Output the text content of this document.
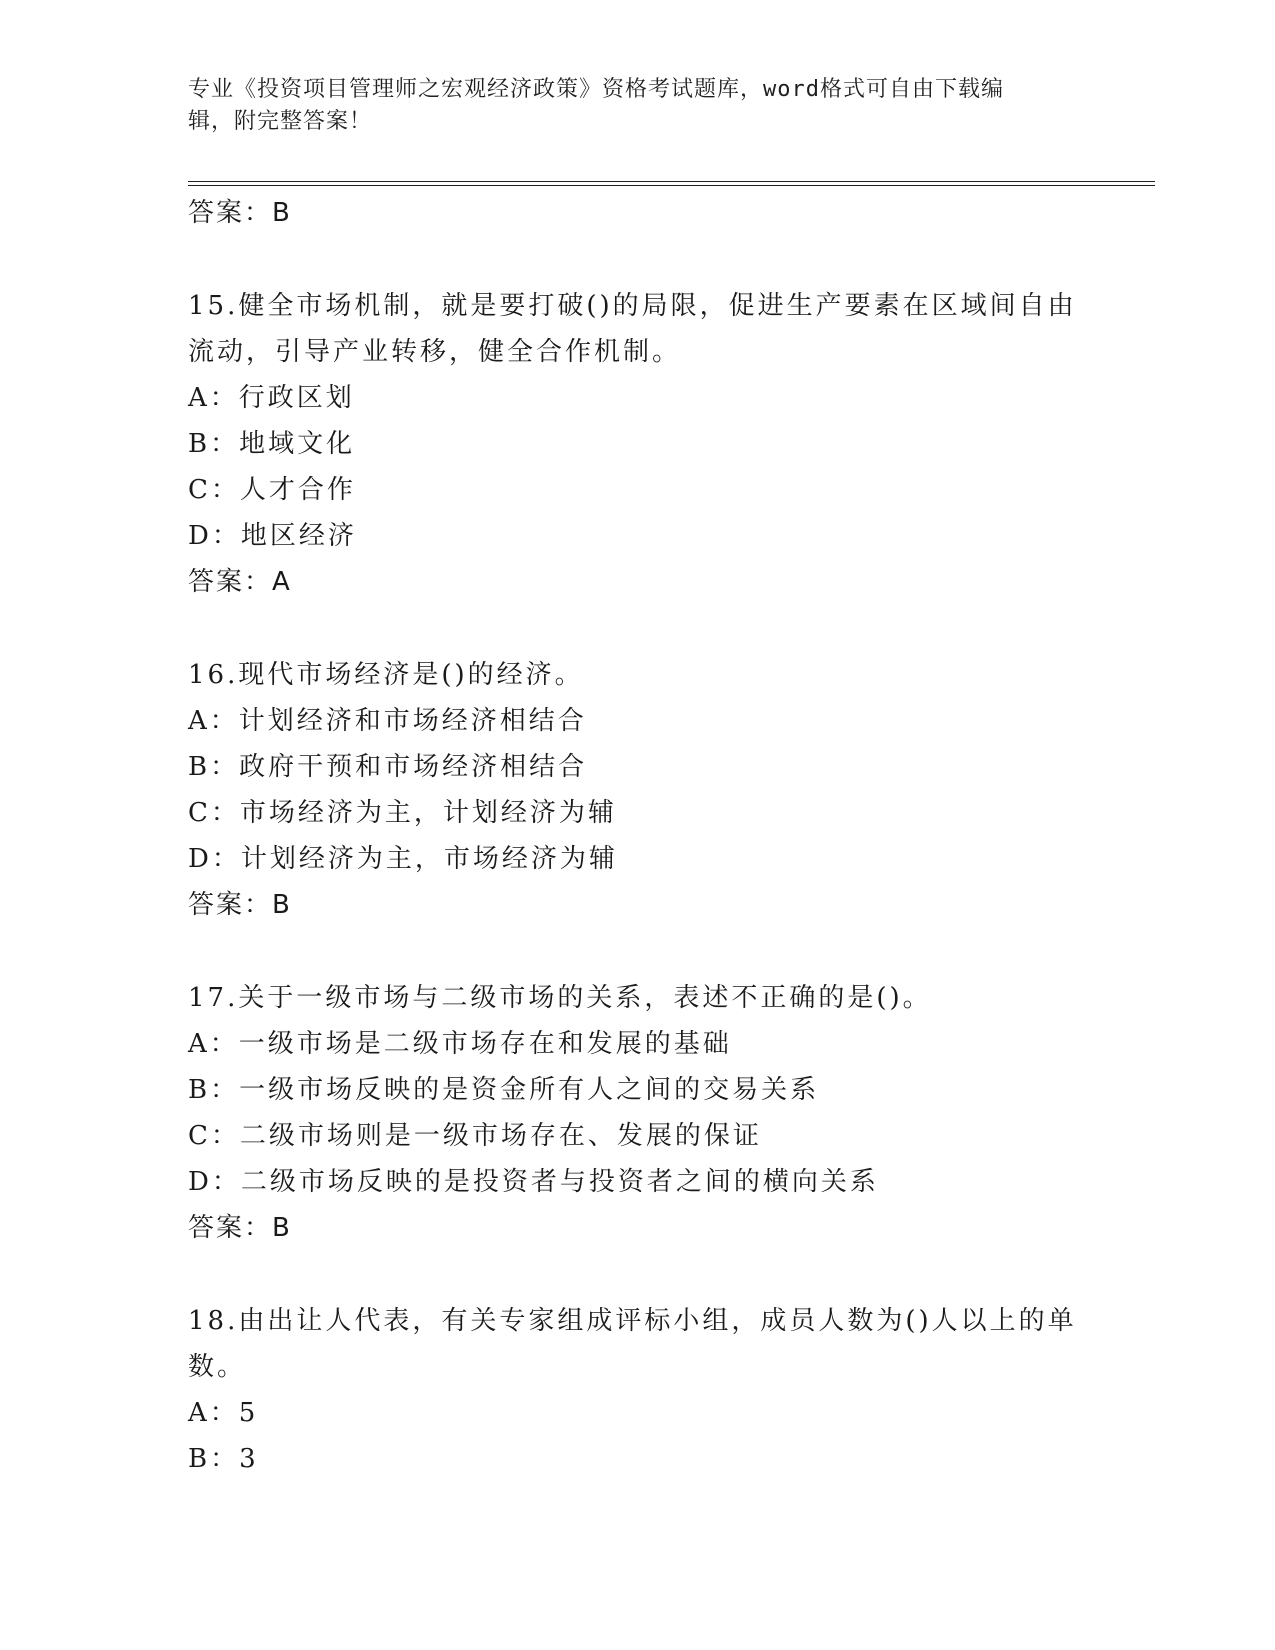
专业《投资项目管理师之宏观经济政策》资格考试题库，word格式可自由下载编
辑，附完整答案！
答案：B
15.健全市场机制，就是要打破()的局限，促进生产要素在区域间自由
流动，引导产业转移，健全合作机制。
A：行政区划
B：地域文化
C：人才合作
D：地区经济
答案：A
16.现代市场经济是()的经济。
A：计划经济和市场经济相结合
B：政府干预和市场经济相结合
C：市场经济为主，计划经济为辅
D：计划经济为主，市场经济为辅
答案：B
17.关于一级市场与二级市场的关系，表述不正确的是()。
A：一级市场是二级市场存在和发展的基础
B：一级市场反映的是资金所有人之间的交易关系
C：二级市场则是一级市场存在、发展的保证
D：二级市场反映的是投资者与投资者之间的横向关系
答案：B
18.由出让人代表，有关专家组成评标小组，成员人数为()人以上的单
数。
A：5
B：3
